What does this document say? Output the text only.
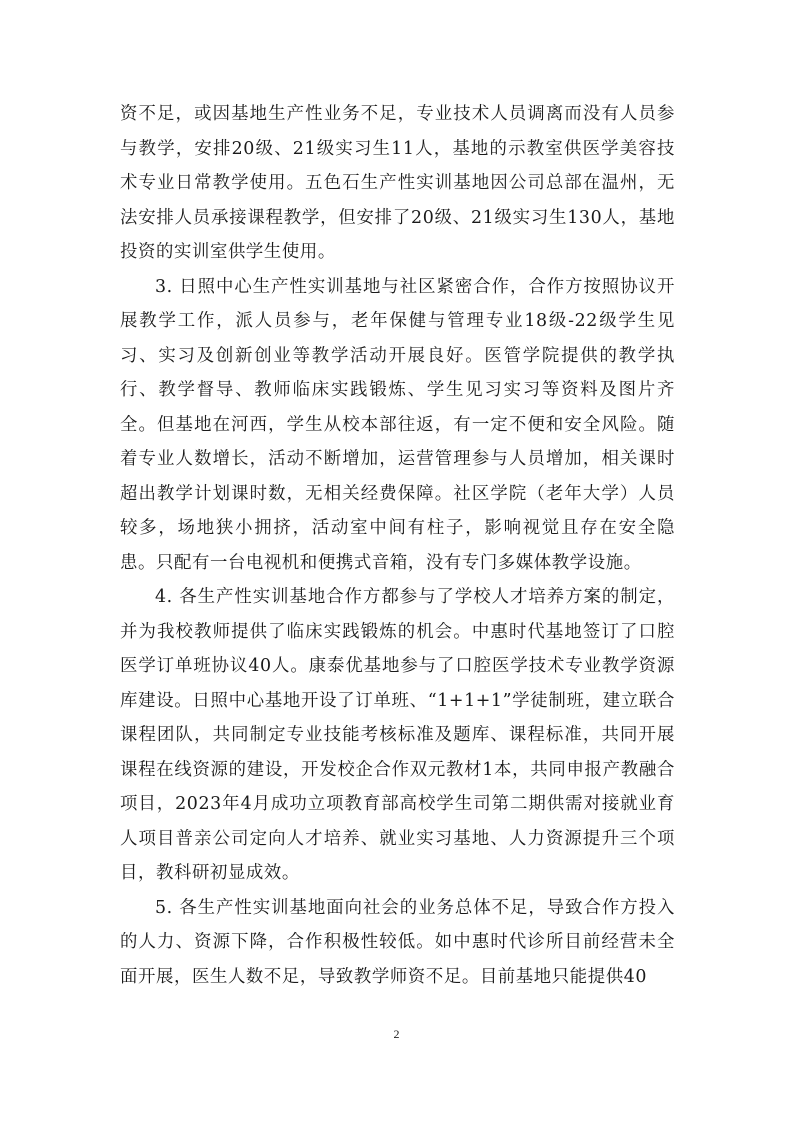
资不足，或因基地生产性业务不足，专业技术人员调离而没有人员参与教学，安排20级、21级实习生11人，基地的示教室供医学美容技术专业日常教学使用。五色石生产性实训基地因公司总部在温州，无法安排人员承接课程教学，但安排了20级、21级实习生130人，基地投资的实训室供学生使用。

3. 日照中心生产性实训基地与社区紧密合作，合作方按照协议开展教学工作，派人员参与，老年保健与管理专业18级-22级学生见习、实习及创新创业等教学活动开展良好。医管学院提供的教学执行、教学督导、教师临床实践锻炼、学生见习实习等资料及图片齐全。但基地在河西，学生从校本部往返，有一定不便和安全风险。随着专业人数增长，活动不断增加，运营管理参与人员增加，相关课时超出教学计划课时数，无相关经费保障。社区学院（老年大学）人员较多，场地狭小拥挤，活动室中间有柱子，影响视觉且存在安全隐患。只配有一台电视机和便携式音箱，没有专门多媒体教学设施。

4. 各生产性实训基地合作方都参与了学校人才培养方案的制定，并为我校教师提供了临床实践锻炼的机会。中惠时代基地签订了口腔医学订单班协议40人。康泰优基地参与了口腔医学技术专业教学资源库建设。日照中心基地开设了订单班、“1+1+1”学徒制班，建立联合课程团队，共同制定专业技能考核标准及题库、课程标准，共同开展课程在线资源的建设，开发校企合作双元教材1本，共同申报产教融合项目，2023年4月成功立项教育部高校学生司第二期供需对接就业育人项目普亲公司定向人才培养、就业实习基地、人力资源提升三个项目，教科研初显成效。

5. 各生产性实训基地面向社会的业务总体不足，导致合作方投入的人力、资源下降，合作积极性较低。如中惠时代诊所目前经营未全面开展，医生人数不足，导致教学师资不足。目前基地只能提供40

2
